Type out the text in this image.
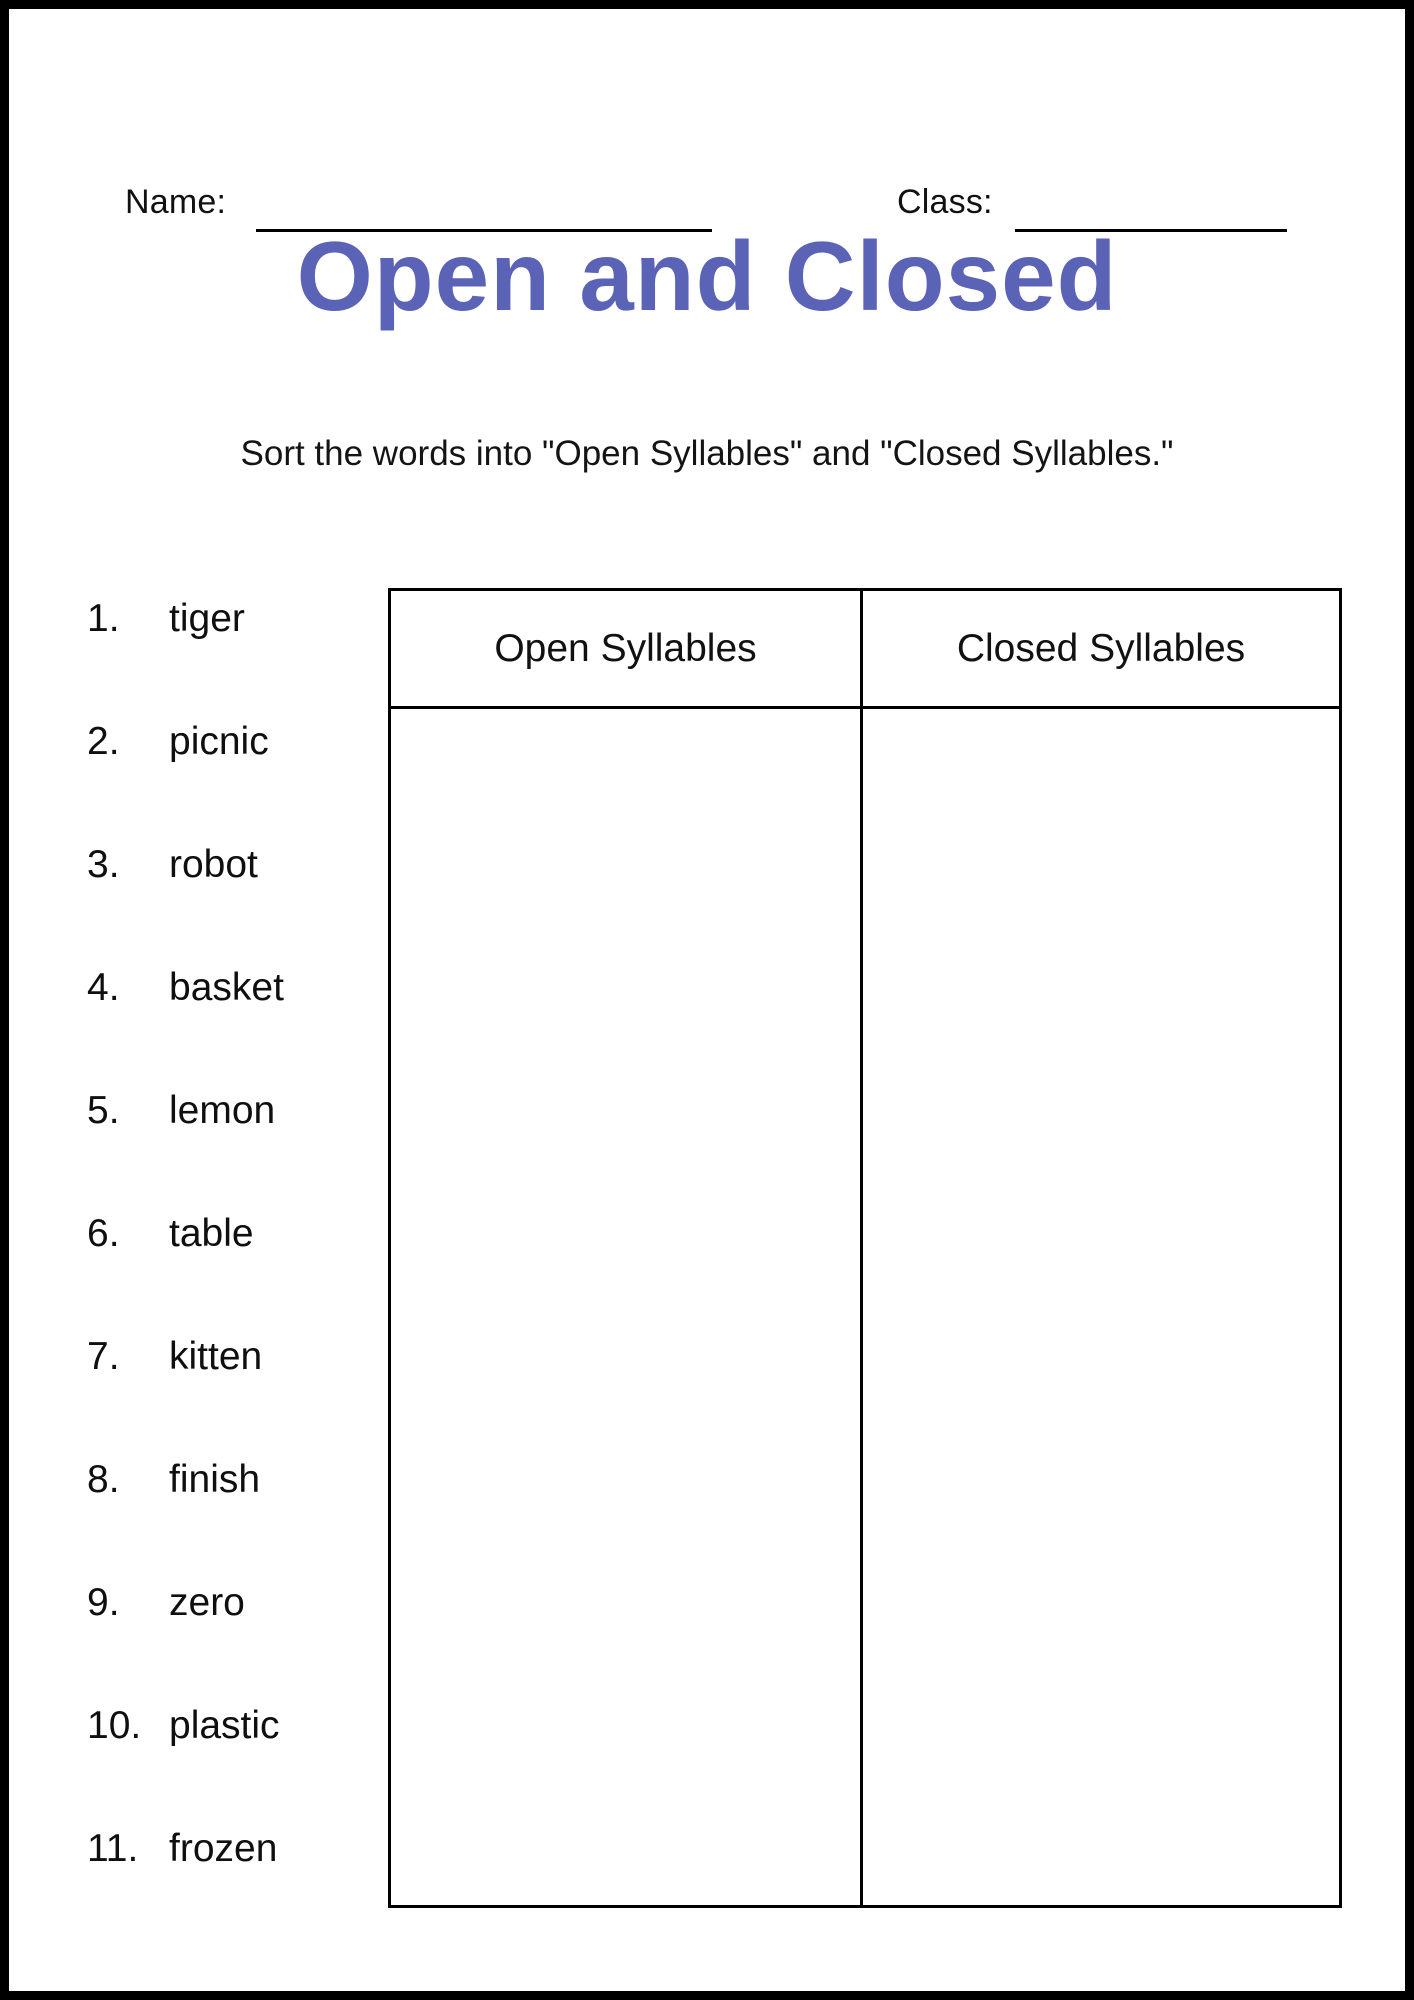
Name:	Class:
Open and Closed
Sort the words into "Open Syllables" and "Closed Syllables."
1.	tiger
2.	picnic
3.	robot
4.	basket
5.	lemon
6.	table
7.	kitten
8.	finish
9.	zero
10. plastic
11. frozen
Open Syllables	Closed Syllables
